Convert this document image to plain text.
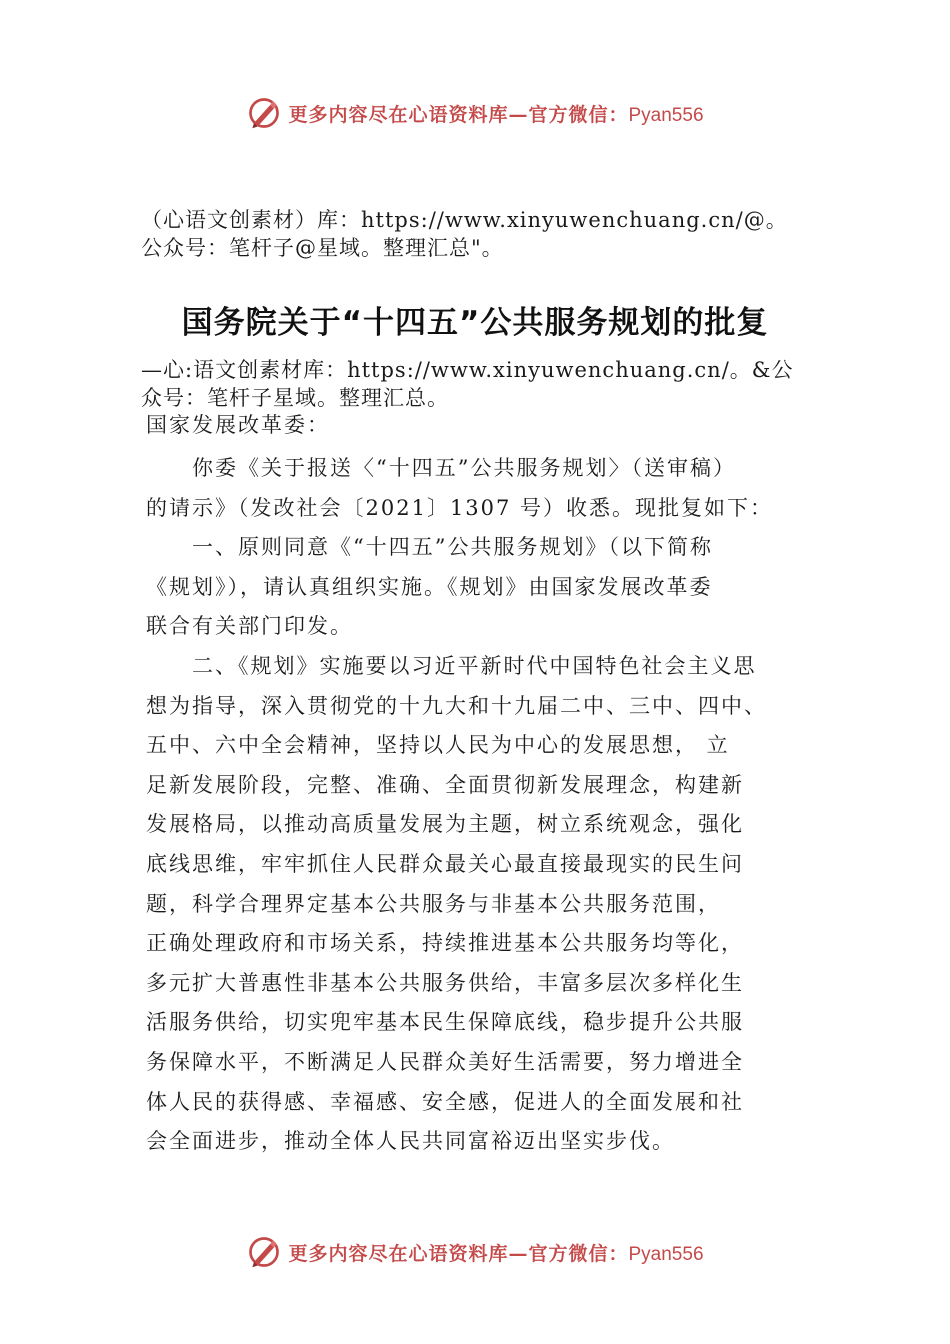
更多内容尽在心语资料库—官方微信：Pyan556
（心语文创素材）库：https://www.xinyuwenchuang.cn/@。
公众号：笔杆子@星域。整理汇总"。
国务院关于“十四五”公共服务规划的批复
—心:语文创素材库：https://www.xinyuwenchuang.cn/。&公
众号：笔杆子星域。整理汇总。
国家发展改革委：
你委《关于报送〈“十四五”公共服务规划〉（送审稿）
的请示》（发改社会〔2021〕1307 号）收悉。现批复如下：
一、原则同意《“十四五”公共服务规划》（以下简称
《规划》），请认真组织实施。《规划》由国家发展改革委
联合有关部门印发。
二、《规划》实施要以习近平新时代中国特色社会主义思
想为指导，深入贯彻党的十九大和十九届二中、三中、四中、
五中、六中全会精神，坚持以人民为中心的发展思想， 立
足新发展阶段，完整、准确、全面贯彻新发展理念，构建新
发展格局，以推动高质量发展为主题，树立系统观念，强化
底线思维，牢牢抓住人民群众最关心最直接最现实的民生问
题，科学合理界定基本公共服务与非基本公共服务范围，
正确处理政府和市场关系，持续推进基本公共服务均等化，
多元扩大普惠性非基本公共服务供给，丰富多层次多样化生
活服务供给，切实兜牢基本民生保障底线，稳步提升公共服
务保障水平，不断满足人民群众美好生活需要，努力增进全
体人民的获得感、幸福感、安全感，促进人的全面发展和社
会全面进步，推动全体人民共同富裕迈出坚实步伐。
更多内容尽在心语资料库—官方微信：Pyan556
